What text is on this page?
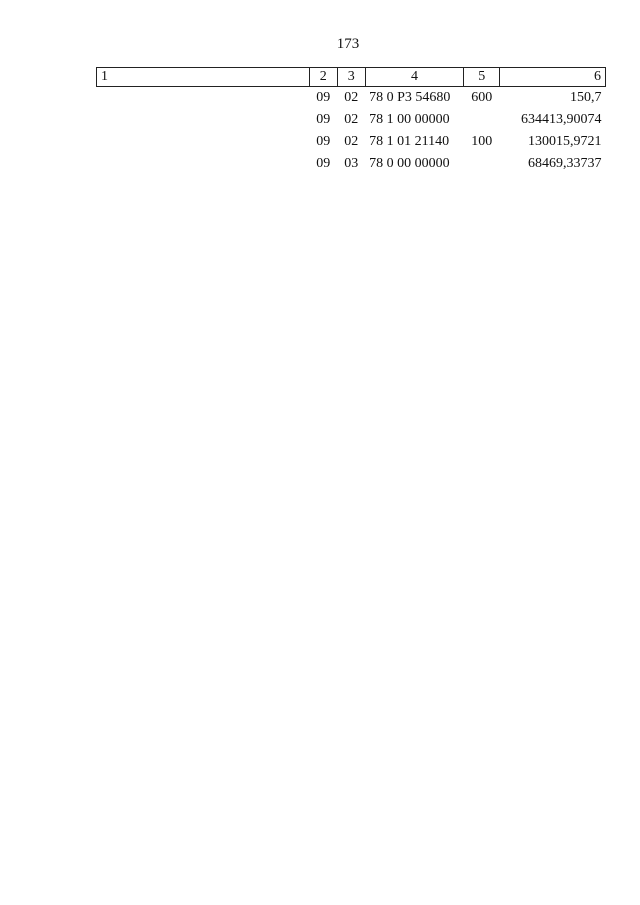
173
1	2	3	4	5	6
	09	02	78 0 Р3 54680	600	150,7
	09	02	78 1 00 00000		634413,90074
	09	02	78 1 01 21140	100	130015,9721
	09	03	78 0 00 00000		68469,33737
